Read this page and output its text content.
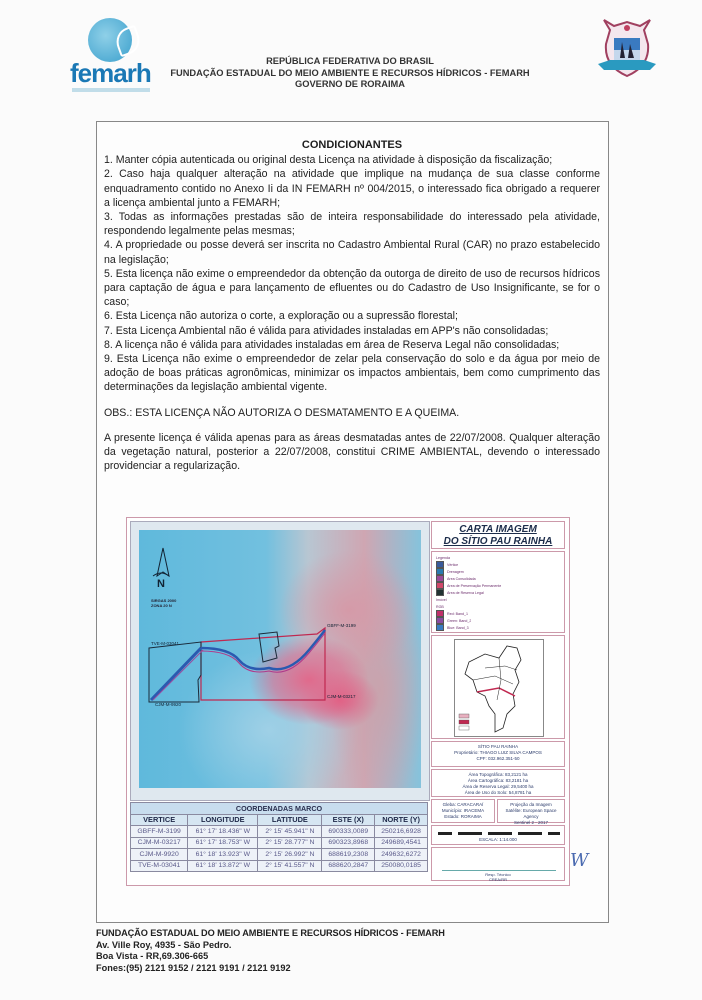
femarh	REPÚBLICA FEDERATIVA DO BRASIL
FUNDAÇÃO ESTADUAL DO MEIO AMBIENTE E RECURSOS HÍDRICOS - FEMARH
GOVERNO DE RORAIMA

CONDICIONANTES

1. Manter cópia autenticada ou original desta Licença na atividade à disposição da fiscalização;

2. Caso haja qualquer alteração na atividade que implique na mudança de sua classe conforme enquadramento contido no Anexo Ii da IN FEMARH nº 004/2015, o interessado fica obrigado a requerer a licença ambiental junto a FEMARH;

3. Todas as informações prestadas são de inteira responsabilidade do interessado pela atividade, respondendo legalmente pelas mesmas;

4. A propriedade ou posse deverá ser inscrita no Cadastro Ambiental Rural (CAR) no prazo estabelecido na legislação;

5. Esta licença não exime o empreendedor da obtenção da outorga de direito de uso de recursos hídricos para captação de água e para lançamento de efluentes ou do Cadastro de Uso Insignificante, se for o caso;

6. Esta Licença não autoriza o corte, a exploração ou a supressão florestal;

7. Esta Licença Ambiental não é válida para atividades instaladas em APP's não consolidadas;

8. A licença não é válida para atividades instaladas em área de Reserva Legal não consolidadas;

9. Esta Licença não exime o empreendedor de zelar pela conservação do solo e da água por meio de adoção de boas práticas agronômicas, minimizar os impactos ambientais, bem como cumprimento das determinações da legislação ambiental vigente.

OBS.: ESTA LICENÇA NÃO AUTORIZA O DESMATAMENTO E A QUEIMA.

A presente licença é válida apenas para as áreas desmatadas antes de 22/07/2008. Qualquer alteração da vegetação natural, posterior a 22/07/2008, constitui CRIME AMBIENTAL, devendo o interessado providenciar a regularização.

N
SIRGAS 2000
ZONA 20 N
GBFF-M-3199
TVE-M-03041
CJM-M-9920
CJM-M-03217
COORDENADAS MARCO				
VERTICE	LONGITUDE	LATITUDE	ESTE (X)	NORTE (Y)
GBFF-M-3199	61° 17' 18.436" W	2° 15' 45.941" N	690333,0089	250216,6928
CJM-M-03217	61° 17' 18.753" W	2° 15' 28.777" N	690323,8968	249689,4541
CJM-M-9920	61° 18' 13.923" W	2° 15' 26.992" N	688619,2308	249632,6272
TVE-M-03041	61° 18' 13.872" W	2° 15' 41.557" N	688620,2847	250080,0185
CARTA IMAGEM
DO SÍTIO PAU RAINHA
Legenda
Vértice
Drenagem
Área Consolidada
Área de Preservação Permanente
Área de Reserva Legal
Imóvel
RGB
Red: Band_1
Green: Band_2
Blue: Band_3
SÍTIO PAU RAINHA
Proprietário: THIAGO LUIZ SILVA CAMPOS
CPF: 032.962.351-50
Área Topográfica: 83,2121 ha
Área Cartográfica: 83,2181 ha
Área de Reserva Legal: 29,5400 ha
Área de Uso do Solo: 54,8781 ha
Gleba: CARACARAÍ
Município: IRACEMA
Estado: RORAIMA
Projeção da Imagem
Satélite: European Space Agency
Sentinel 2 - 2017
ESCALA: 1:14.000
Resp. Técnico
CREA/RR
W
FUNDAÇÃO ESTADUAL DO MEIO AMBIENTE E RECURSOS HÍDRICOS - FEMARH
Av. Ville Roy, 4935 - São Pedro.
Boa Vista - RR,69.306-665
Fones:(95) 2121 9152 / 2121 9191 / 2121 9192
